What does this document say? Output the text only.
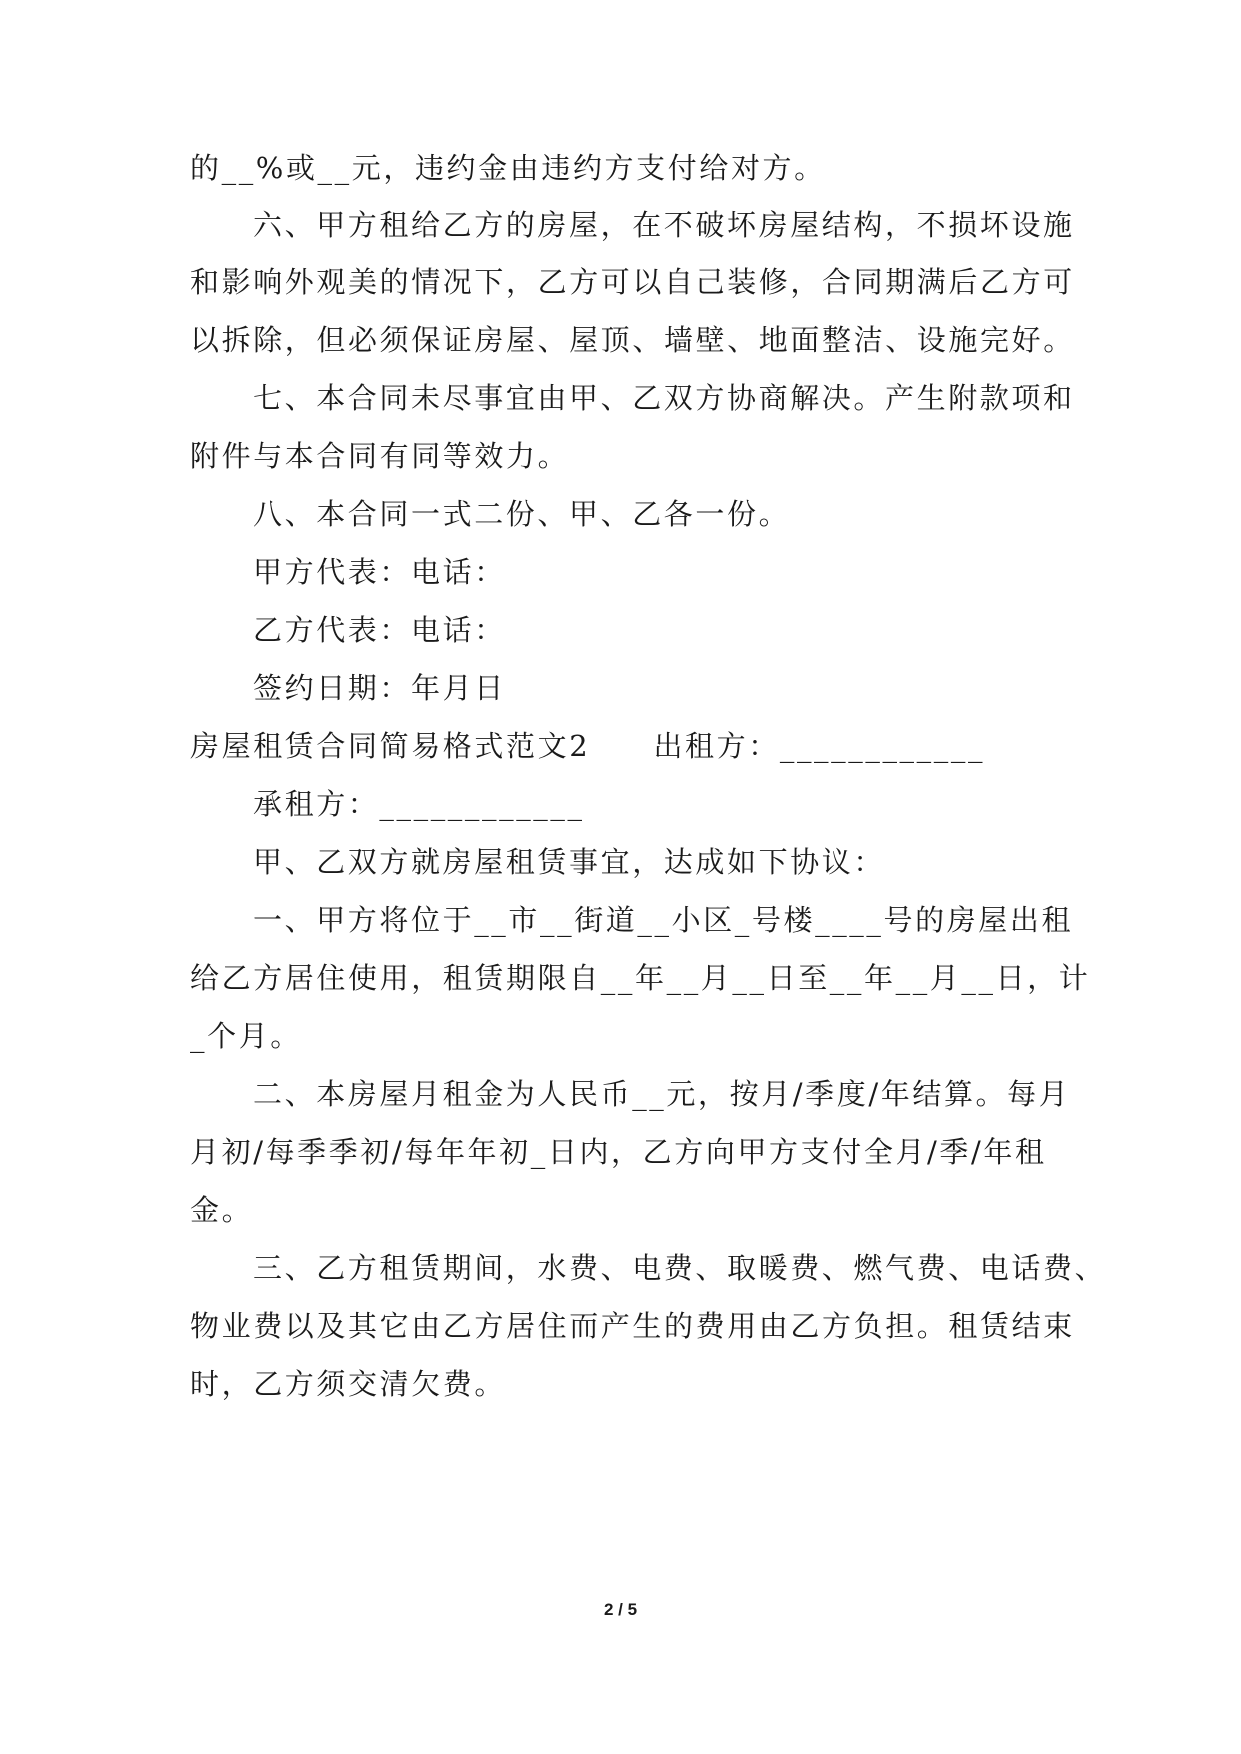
的__%或__元，违约金由违约方支付给对方。
六、甲方租给乙方的房屋，在不破坏房屋结构，不损坏设施
和影响外观美的情况下，乙方可以自己装修，合同期满后乙方可
以拆除，但必须保证房屋、屋顶、墙壁、地面整洁、设施完好。
七、本合同未尽事宜由甲、乙双方协商解决。产生附款项和
附件与本合同有同等效力。
八、本合同一式二份、甲、乙各一份。
甲方代表：电话：
乙方代表：电话：
签约日期：年月日
房屋租赁合同简易格式范文2　　出租方：____________
承租方：____________
甲、乙双方就房屋租赁事宜，达成如下协议：
一、甲方将位于__市__街道__小区_号楼____号的房屋出租
给乙方居住使用，租赁期限自__年__月__日至__年__月__日，计
_个月。
二、本房屋月租金为人民币__元，按月/季度/年结算。每月
月初/每季季初/每年年初_日内，乙方向甲方支付全月/季/年租
金。
三、乙方租赁期间，水费、电费、取暖费、燃气费、电话费、
物业费以及其它由乙方居住而产生的费用由乙方负担。租赁结束
时，乙方须交清欠费。
2 / 5
